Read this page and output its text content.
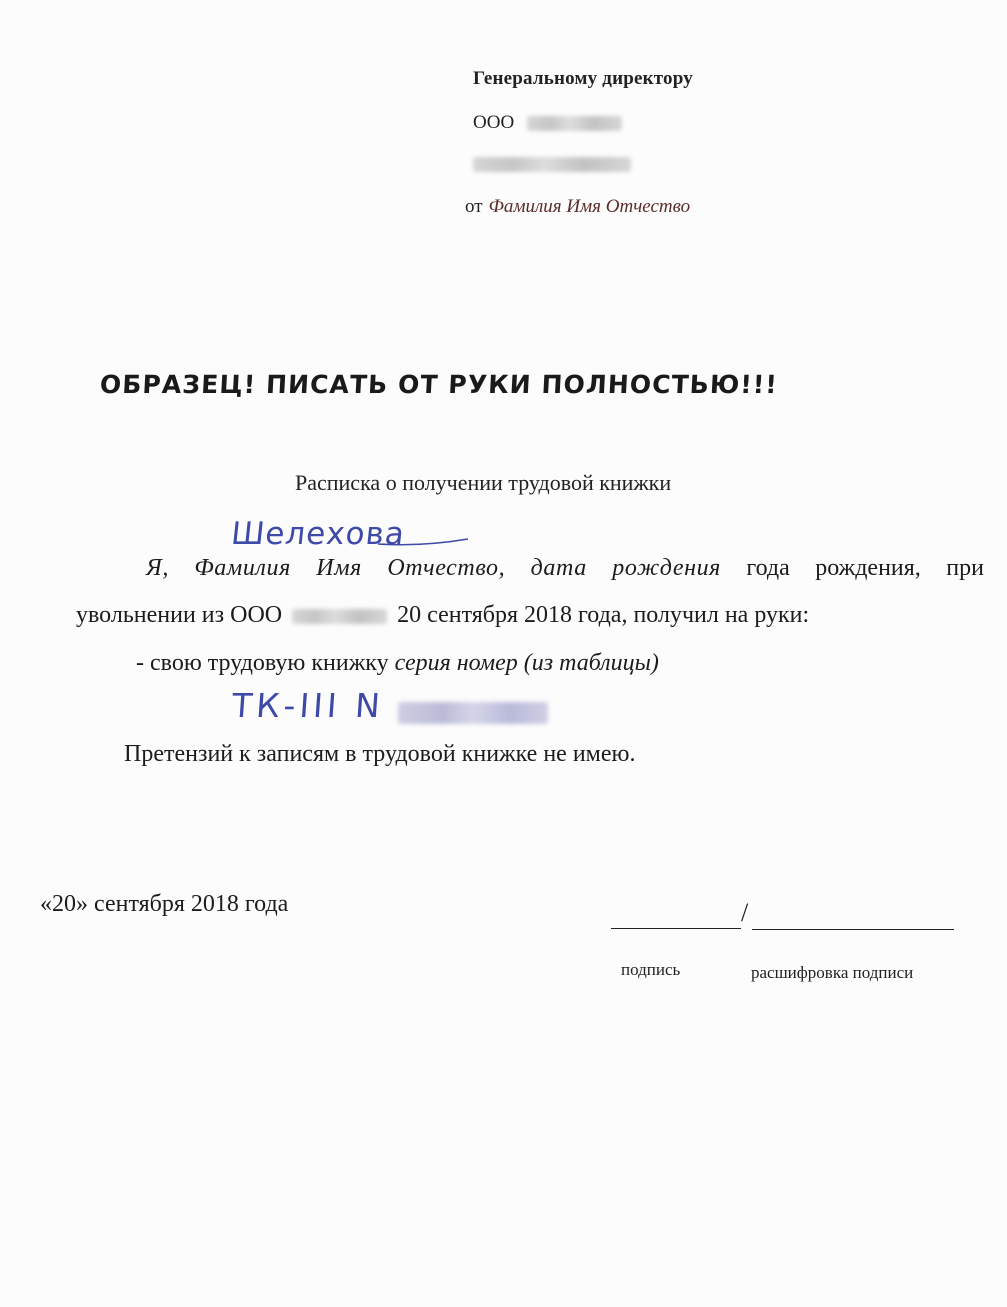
Генеральному директору
ООО
от Фамилия Имя Отчество
ОБРАЗЕЦ! ПИСАТЬ ОТ РУКИ ПОЛНОСТЬЮ!!!
Расписка о получении трудовой книжки
Шелехова
Я, Фамилия Имя Отчество, дата рождения года рождения, при
увольнении из ООО	20 сентября 2018 года, получил на руки:
- свою трудовую книжку серия номер (из таблицы)
ТК-III N
Претензий к записям в трудовой книжке не имею.
«20» сентября 2018 года	/
подпись	расшифровка подписи
